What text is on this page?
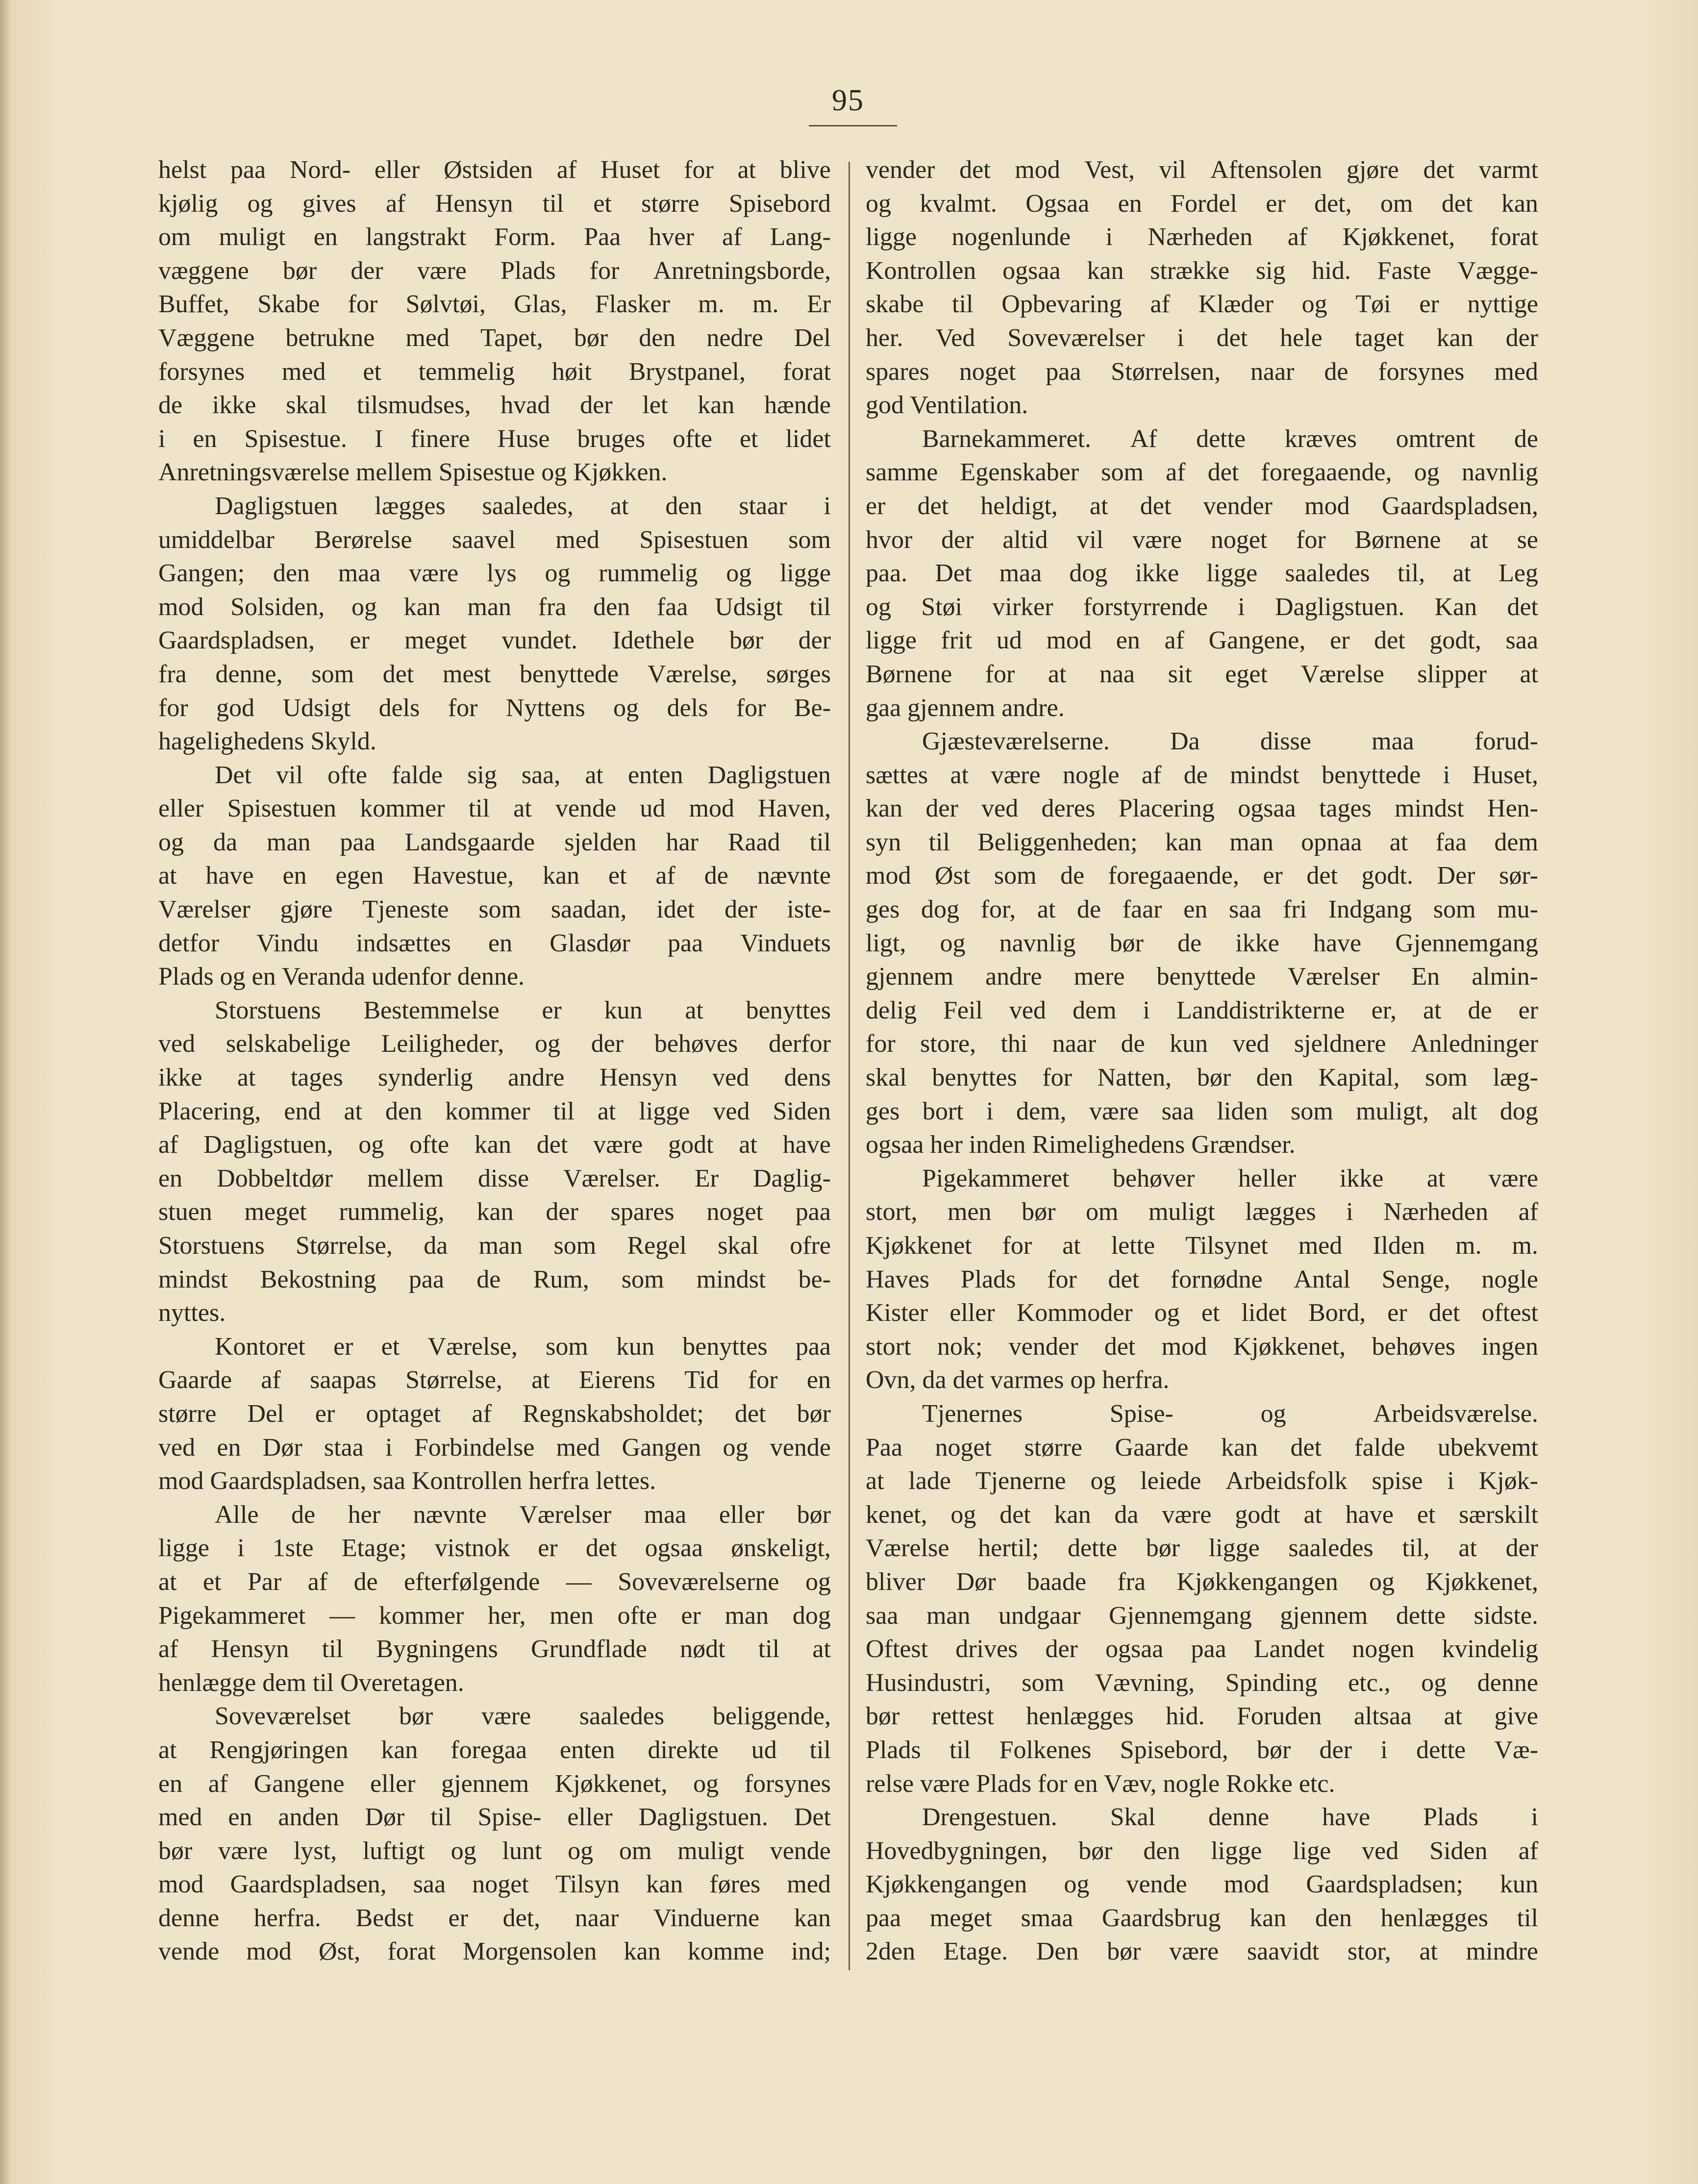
95
helst paa Nord- eller Østsiden af Huset for at blive
kjølig og gives af Hensyn til et større Spisebord
om muligt en langstrakt Form. Paa hver af Lang-
væggene bør der være Plads for Anretningsborde,
Buffet, Skabe for Sølvtøi, Glas, Flasker m. m. Er
Væggene betrukne med Tapet, bør den nedre Del
forsynes med et temmelig høit Brystpanel, forat
de ikke skal tilsmudses, hvad der let kan hænde
i en Spisestue. I finere Huse bruges ofte et lidet
Anretningsværelse mellem Spisestue og Kjøkken.
Dagligstuen lægges saaledes, at den staar i
umiddelbar Berørelse saavel med Spisestuen som
Gangen; den maa være lys og rummelig og ligge
mod Solsiden, og kan man fra den faa Udsigt til
Gaardspladsen, er meget vundet. Idethele bør der
fra denne, som det mest benyttede Værelse, sørges
for god Udsigt dels for Nyttens og dels for Be-
hagelighedens Skyld.
Det vil ofte falde sig saa, at enten Dagligstuen
eller Spisestuen kommer til at vende ud mod Haven,
og da man paa Landsgaarde sjelden har Raad til
at have en egen Havestue, kan et af de nævnte
Værelser gjøre Tjeneste som saadan, idet der iste-
detfor Vindu indsættes en Glasdør paa Vinduets
Plads og en Veranda udenfor denne.
Storstuens Bestemmelse er kun at benyttes
ved selskabelige Leiligheder, og der behøves derfor
ikke at tages synderlig andre Hensyn ved dens
Placering, end at den kommer til at ligge ved Siden
af Dagligstuen, og ofte kan det være godt at have
en Dobbeltdør mellem disse Værelser. Er Daglig-
stuen meget rummelig, kan der spares noget paa
Storstuens Størrelse, da man som Regel skal ofre
mindst Bekostning paa de Rum, som mindst be-
nyttes.
Kontoret er et Værelse, som kun benyttes paa
Gaarde af saapas Størrelse, at Eierens Tid for en
større Del er optaget af Regnskabsholdet; det bør
ved en Dør staa i Forbindelse med Gangen og vende
mod Gaardspladsen, saa Kontrollen herfra lettes.
Alle de her nævnte Værelser maa eller bør
ligge i 1ste Etage; vistnok er det ogsaa ønskeligt,
at et Par af de efterfølgende — Soveværelserne og
Pigekammeret — kommer her, men ofte er man dog
af Hensyn til Bygningens Grundflade nødt til at
henlægge dem til Overetagen.
Soveværelset bør være saaledes beliggende,
at Rengjøringen kan foregaa enten direkte ud til
en af Gangene eller gjennem Kjøkkenet, og forsynes
med en anden Dør til Spise- eller Dagligstuen. Det
bør være lyst, luftigt og lunt og om muligt vende
mod Gaardspladsen, saa noget Tilsyn kan føres med
denne herfra. Bedst er det, naar Vinduerne kan
vende mod Øst, forat Morgensolen kan komme ind;
vender det mod Vest, vil Aftensolen gjøre det varmt
og kvalmt. Ogsaa en Fordel er det, om det kan
ligge nogenlunde i Nærheden af Kjøkkenet, forat
Kontrollen ogsaa kan strække sig hid. Faste Vægge-
skabe til Opbevaring af Klæder og Tøi er nyttige
her. Ved Soveværelser i det hele taget kan der
spares noget paa Størrelsen, naar de forsynes med
god Ventilation.
Barnekammeret. Af dette kræves omtrent de
samme Egenskaber som af det foregaaende, og navnlig
er det heldigt, at det vender mod Gaardspladsen,
hvor der altid vil være noget for Børnene at se
paa. Det maa dog ikke ligge saaledes til, at Leg
og Støi virker forstyrrende i Dagligstuen. Kan det
ligge frit ud mod en af Gangene, er det godt, saa
Børnene for at naa sit eget Værelse slipper at
gaa gjennem andre.
Gjæsteværelserne. Da disse maa forud-
sættes at være nogle af de mindst benyttede i Huset,
kan der ved deres Placering ogsaa tages mindst Hen-
syn til Beliggenheden; kan man opnaa at faa dem
mod Øst som de foregaaende, er det godt. Der sør-
ges dog for, at de faar en saa fri Indgang som mu-
ligt, og navnlig bør de ikke have Gjennemgang
gjennem andre mere benyttede Værelser En almin-
delig Feil ved dem i Landdistrikterne er, at de er
for store, thi naar de kun ved sjeldnere Anledninger
skal benyttes for Natten, bør den Kapital, som læg-
ges bort i dem, være saa liden som muligt, alt dog
ogsaa her inden Rimelighedens Grændser.
Pigekammeret behøver heller ikke at være
stort, men bør om muligt lægges i Nærheden af
Kjøkkenet for at lette Tilsynet med Ilden m. m.
Haves Plads for det fornødne Antal Senge, nogle
Kister eller Kommoder og et lidet Bord, er det oftest
stort nok; vender det mod Kjøkkenet, behøves ingen
Ovn, da det varmes op herfra.
Tjenernes	Spise-	og	Arbeidsværelse.
Paa noget større Gaarde kan det falde ubekvemt
at lade Tjenerne og leiede Arbeidsfolk spise i Kjøk-
kenet, og det kan da være godt at have et særskilt
Værelse hertil; dette bør ligge saaledes til, at der
bliver Dør baade fra Kjøkkengangen og Kjøkkenet,
saa man undgaar Gjennemgang gjennem dette sidste.
Oftest drives der ogsaa paa Landet nogen kvindelig
Husindustri, som Vævning, Spinding etc., og denne
bør rettest henlægges hid. Foruden altsaa at give
Plads til Folkenes Spisebord, bør der i dette Væ-
relse være Plads for en Væv, nogle Rokke etc.
Drengestuen. Skal denne have Plads i
Hovedbygningen, bør den ligge lige ved Siden af
Kjøkkengangen og vende mod Gaardspladsen; kun
paa meget smaa Gaardsbrug kan den henlægges til
2den Etage. Den bør være saavidt stor, at mindre
